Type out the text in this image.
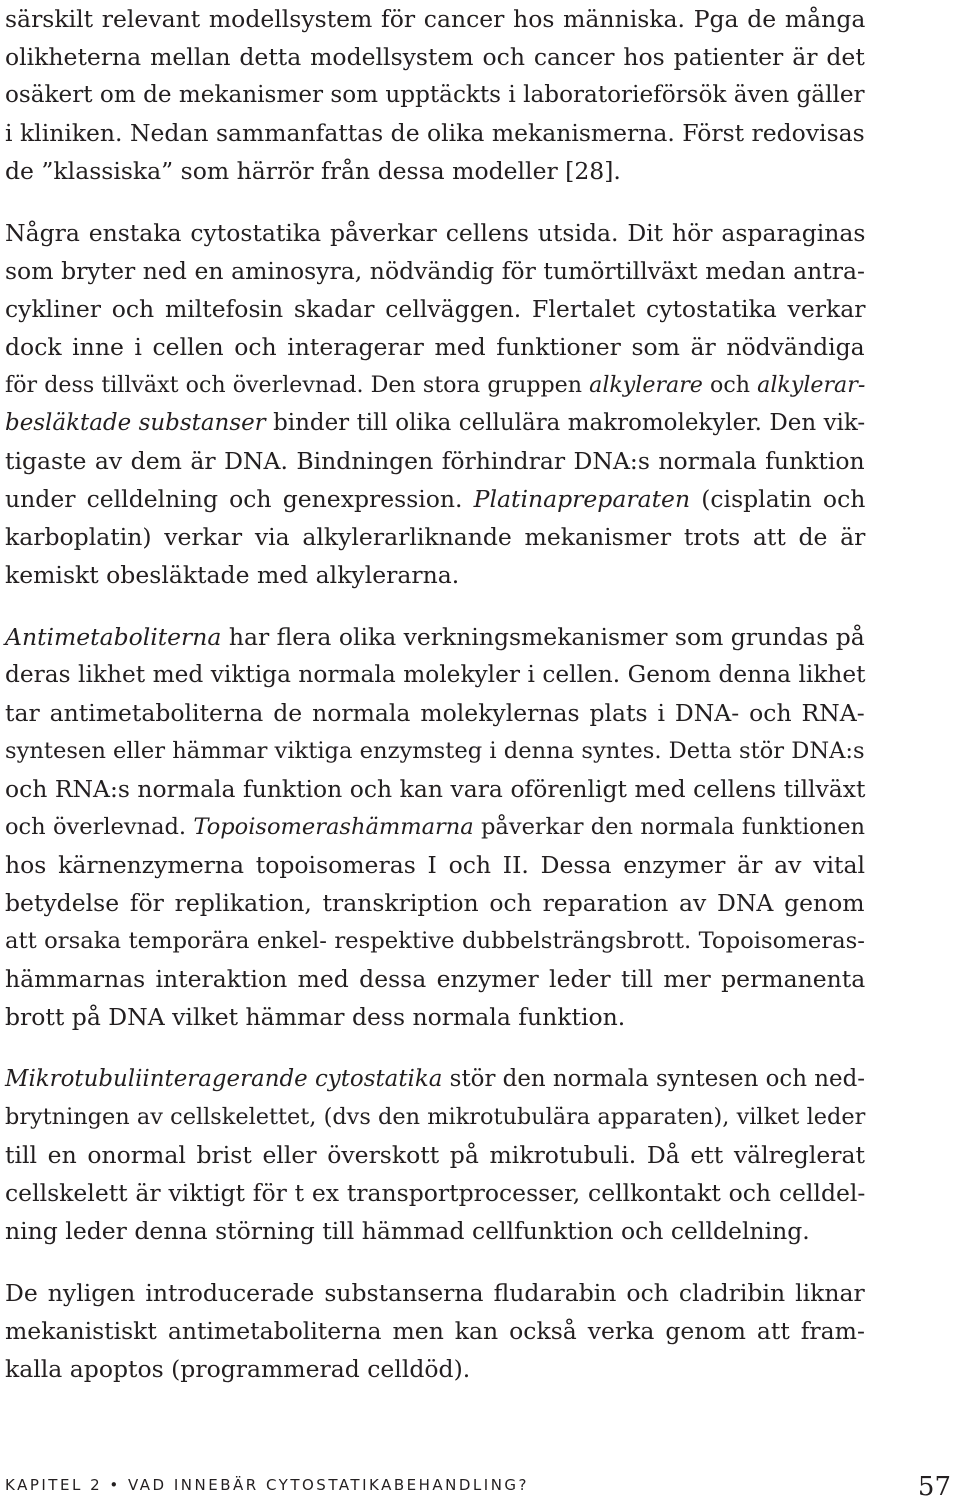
särskilt relevant modellsystem för cancer hos människa. Pga de många
olikheterna mellan detta modellsystem och cancer hos patienter är det
osäkert om de mekanismer som upptäckts i laboratorieförsök även gäller
i kliniken. Nedan sammanfattas de olika mekanismerna. Först redovisas
de ”klassiska” som härrör från dessa modeller [28].
Några enstaka cytostatika påverkar cellens utsida. Dit hör asparaginas
som bryter ned en aminosyra, nödvändig för tumörtillväxt medan antra-
cykliner och miltefosin skadar cellväggen. Flertalet cytostatika verkar
dock inne i cellen och interagerar med funktioner som är nödvändiga
för dess tillväxt och överlevnad. Den stora gruppen alkylerare och alkylerar-
besläktade substanser binder till olika cellulära makromolekyler. Den vik-
tigaste av dem är DNA. Bindningen förhindrar DNA:s normala funktion
under celldelning och genexpression. Platinapreparaten (cisplatin och
karboplatin) verkar via alkylerarliknande mekanismer trots att de är
kemiskt obesläktade med alkylerarna.
Antimetaboliterna har flera olika verkningsmekanismer som grundas på
deras likhet med viktiga normala molekyler i cellen. Genom denna likhet
tar antimetaboliterna de normala molekylernas plats i DNA- och RNA-
syntesen eller hämmar viktiga enzymsteg i denna syntes. Detta stör DNA:s
och RNA:s normala funktion och kan vara oförenligt med cellens tillväxt
och överlevnad. Topoisomerashämmarna påverkar den normala funktionen
hos kärnenzymerna topoisomeras I och II. Dessa enzymer är av vital
betydelse för replikation, transkription och reparation av DNA genom
att orsaka temporära enkel- respektive dubbelsträngsbrott. Topoisomeras-
hämmarnas interaktion med dessa enzymer leder till mer permanenta
brott på DNA vilket hämmar dess normala funktion.
Mikrotubuliinteragerande cytostatika stör den normala syntesen och ned-
brytningen av cellskelettet, (dvs den mikrotubulära apparaten), vilket leder
till en onormal brist eller överskott på mikrotubuli. Då ett välreglerat
cellskelett är viktigt för t ex transportprocesser, cellkontakt och celldel-
ning leder denna störning till hämmad cellfunktion och celldelning.
De nyligen introducerade substanserna fludarabin och cladribin liknar
mekanistiskt antimetaboliterna men kan också verka genom att fram-
kalla apoptos (programmerad celldöd).
KAPITEL 2 • VAD INNEBÄR CYTOSTATIKABEHANDLING?	57
